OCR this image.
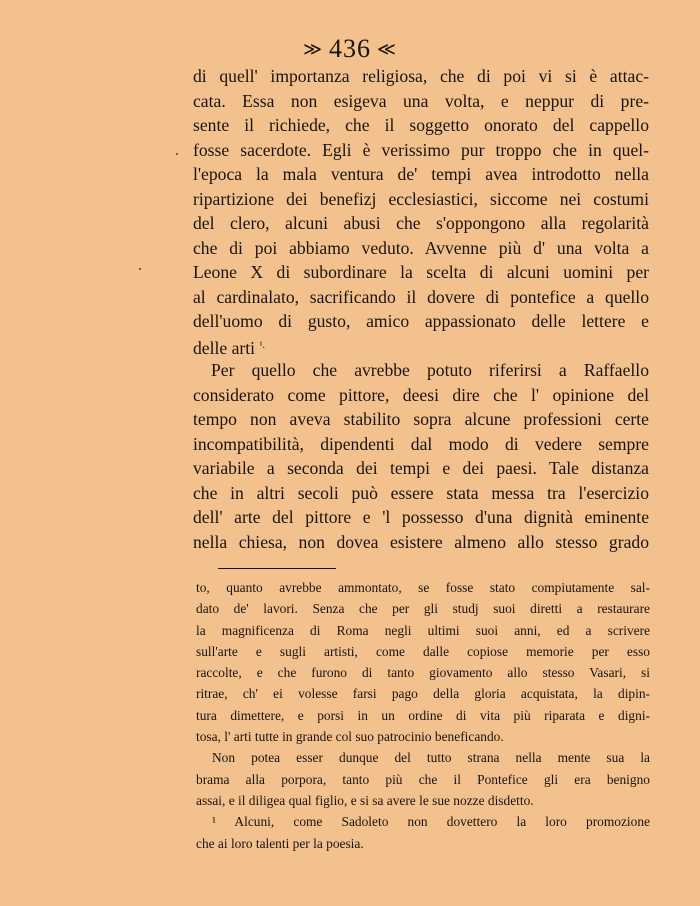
≫ 436 ≪
di quell' importanza religiosa, che di poi vi si è attac-
cata. Essa non esigeva una volta, e neppur di pre-
sente il richiede, che il soggetto onorato del cappello
fosse sacerdote. Egli è verissimo pur troppo che in quel-
l'epoca la mala ventura de' tempi avea introdotto nella
ripartizione dei benefizj ecclesiastici, siccome nei costumi
del clero, alcuni abusi che s'oppongono alla regolarità
che di poi abbiamo veduto. Avvenne più d' una volta a
Leone X di subordinare la scelta di alcuni uomini per
al cardinalato, sacrificando il dovere di pontefice a quello
dell'uomo di gusto, amico appassionato delle lettere e
delle arti $^{^1.}$
Per quello che avrebbe potuto riferirsi a Raffaello
considerato come pittore, deesi dire che l' opinione del
tempo non aveva stabilito sopra alcune professioni certe
incompatibilità, dipendenti dal modo di vedere sempre
variabile a seconda dei tempi e dei paesi. Tale distanza
che in altri secoli può essere stata messa tra l'esercizio
dell' arte del pittore e 'l possesso d'una dignità eminente
nella chiesa, non dovea esistere almeno allo stesso grado
to, quanto avrebbe ammontato, se fosse stato compiutamente sal-
dato de' lavori. Senza che per gli studj suoi diretti a restaurare
la magnificenza di Roma negli ultimi suoi anni, ed a scrivere
sull'arte e sugli artisti, come dalle copiose memorie per esso
raccolte, e che furono di tanto giovamento allo stesso Vasari, si
ritrae, ch' ei volesse farsi pago della gloria acquistata, la dipin-
tura dimettere, e porsi in un ordine di vita più riparata e digni-
tosa, l' arti tutte in grande col suo patrocinio beneficando.
Non potea esser dunque del tutto strana nella mente sua la
brama alla porpora, tanto più che il Pontefice gli era benigno
assai, e il diligea qual figlio, e si sa avere le sue nozze disdetto.
¹ Alcuni, come Sadoleto non dovettero la loro promozione
che ai loro talenti per la poesia.
